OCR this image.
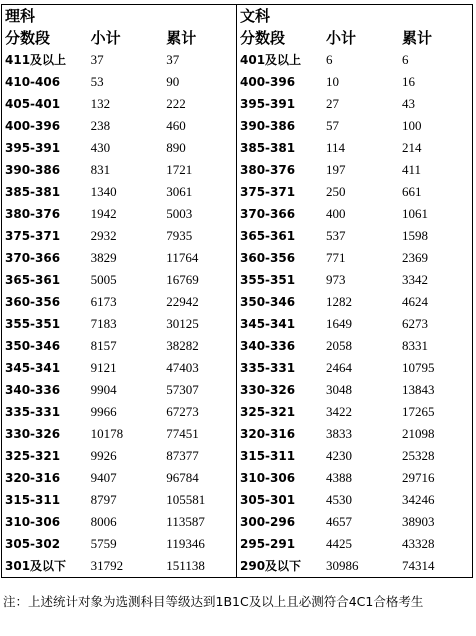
理科
分数段	小计	累计
411及以上	37	37
410-406	53	90
405-401	132	222
400-396	238	460
395-391	430	890
390-386	831	1721
385-381	1340	3061
380-376	1942	5003
375-371	2932	7935
370-366	3829	11764
365-361	5005	16769
360-356	6173	22942
355-351	7183	30125
350-346	8157	38282
345-341	9121	47403
340-336	9904	57307
335-331	9966	67273
330-326	10178	77451
325-321	9926	87377
320-316	9407	96784
315-311	8797	105581
310-306	8006	113587
305-302	5759	119346
301及以下	31792	151138
文科
分数段	小计	累计
401及以上	6	6
400-396	10	16
395-391	27	43
390-386	57	100
385-381	114	214
380-376	197	411
375-371	250	661
370-366	400	1061
365-361	537	1598
360-356	771	2369
355-351	973	3342
350-346	1282	4624
345-341	1649	6273
340-336	2058	8331
335-331	2464	10795
330-326	3048	13843
325-321	3422	17265
320-316	3833	21098
315-311	4230	25328
310-306	4388	29716
305-301	4530	34246
300-296	4657	38903
295-291	4425	43328
290及以下	30986	74314
注：上述统计对象为选测科目等级达到1B1C及以上且必测符合4C1合格考生
